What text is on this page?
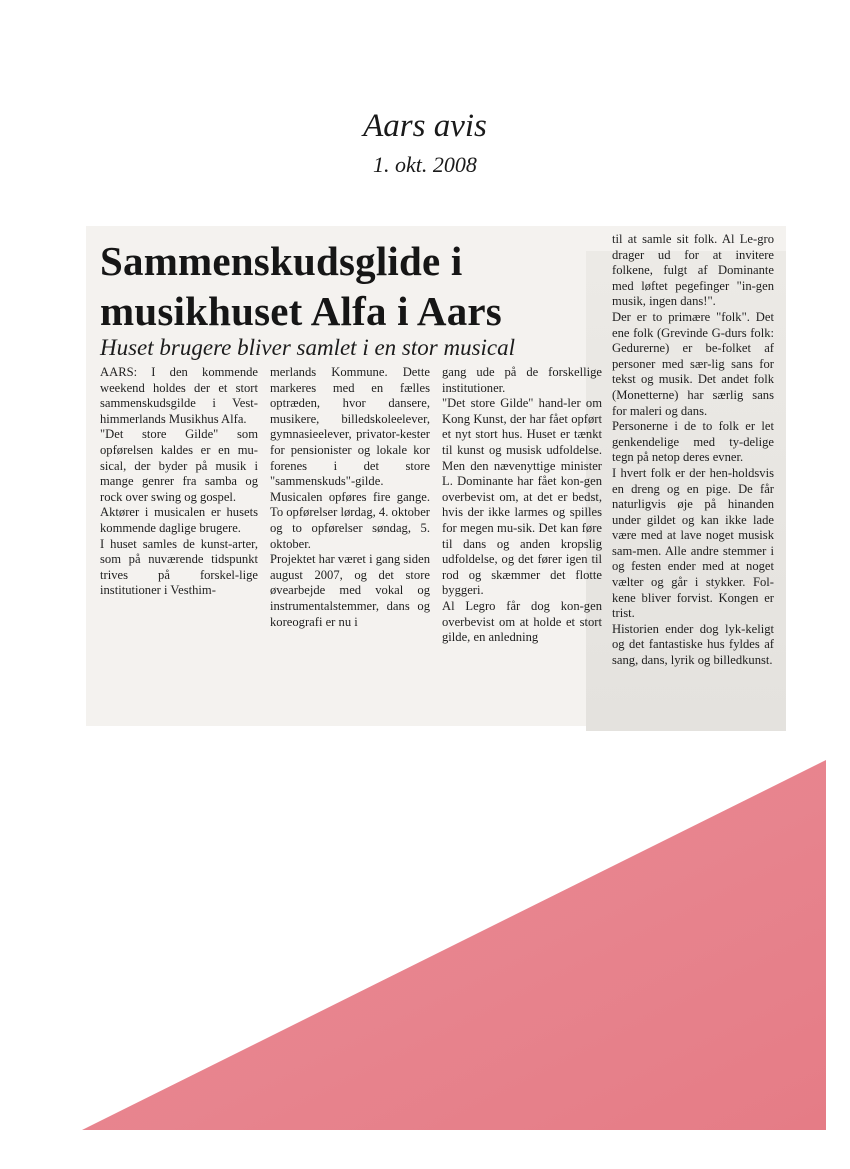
Aars avis
1. okt. 2008
Sammenskudsglide i
musikhuset Alfa i Aars

Huset brugere bliver samlet i en stor musical

AARS: I den kommende weekend holdes der et stort sammenskudsgilde i Vest-himmerlands Musikhus Alfa.
"Det store Gilde" som opførelsen kaldes er en mu-sical, der byder på musik i mange genrer fra samba og rock over swing og gospel.
Aktører i musicalen er husets kommende daglige brugere.
I huset samles de kunst-arter, som på nuværende tidspunkt trives på forskel-lige institutioner i Vesthim-
merlands Kommune. Dette markeres med en fælles optræden, hvor dansere, musikere, billedskoleelever, gymnasieelever, privator-kester for pensionister og lokale kor forenes i det store "sammenskuds"-gilde.
Musicalen opføres fire gange. To opførelser lørdag, 4. oktober og to opførelser søndag, 5. oktober.
Projektet har været i gang siden august 2007, og det store øvearbejde med vokal og instrumentalstemmer, dans og koreografi er nu i
gang ude på de forskellige institutioner.
"Det store Gilde" hand-ler om Kong Kunst, der har fået opført et nyt stort hus. Huset er tænkt til kunst og musisk udfoldelse. Men den nævenyttige minister L. Dominante har fået kon-gen overbevist om, at det er bedst, hvis der ikke larmes og spilles for megen mu-sik. Det kan føre til dans og anden kropslig udfoldelse, og det fører igen til rod og skæmmer det flotte byggeri.
Al Legro får dog kon-gen overbevist om at holde et stort gilde, en anledning
til at samle sit folk. Al Le-gro drager ud for at invitere folkene, fulgt af Dominante med løftet pegefinger "in-gen musik, ingen dans!".
Der er to primære "folk". Det ene folk (Grevinde G-durs folk: Gedurerne) er be-folket af personer med sær-lig sans for tekst og musik. Det andet folk (Monetterne) har særlig sans for maleri og dans.
Personerne i de to folk er let genkendelige med ty-delige tegn på netop deres evner.
I hvert folk er der hen-holdsvis en dreng og en pige. De får naturligvis øje på hinanden under gildet og kan ikke lade være med at lave noget musisk sam-men. Alle andre stemmer i og festen ender med at noget vælter og går i stykker. Fol-kene bliver forvist. Kongen er trist.
Historien ender dog lyk-keligt og det fantastiske hus fyldes af sang, dans, lyrik og billedkunst.
